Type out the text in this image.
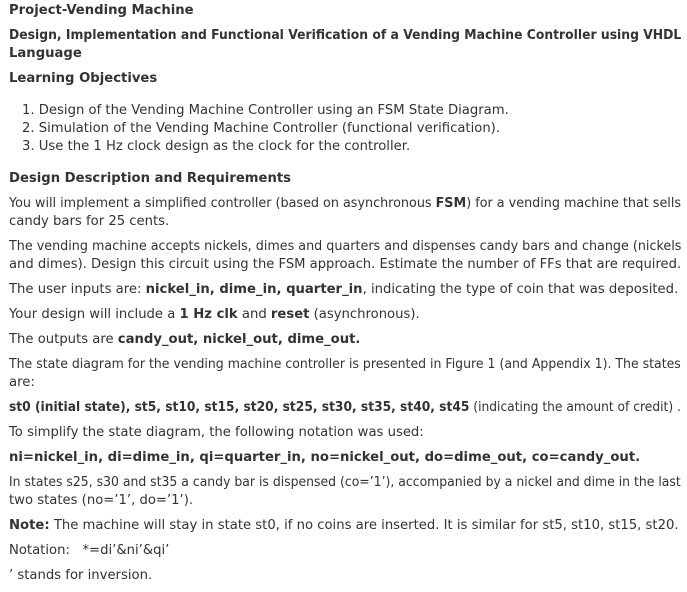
Project-Vending Machine
Design, Implementation and Functional Verification of a Vending Machine Controller using VHDL
Language
Learning Objectives
1. Design of the Vending Machine Controller using an FSM State Diagram.
2. Simulation of the Vending Machine Controller (functional verification).
3. Use the 1 Hz clock design as the clock for the controller.
Design Description and Requirements
You will implement a simplified controller (based on asynchronous FSM) for a vending machine that sells
candy bars for 25 cents.
The vending machine accepts nickels, dimes and quarters and dispenses candy bars and change (nickels
and dimes). Design this circuit using the FSM approach. Estimate the number of FFs that are required.
The user inputs are: nickel_in, dime_in, quarter_in, indicating the type of coin that was deposited.
Your design will include a 1 Hz clk and reset (asynchronous).
The outputs are candy_out, nickel_out, dime_out.
The state diagram for the vending machine controller is presented in Figure 1 (and Appendix 1). The states
are:
st0 (initial state), st5, st10, st15, st20, st25, st30, st35, st40, st45 (indicating the amount of credit) .
To simplify the state diagram, the following notation was used:
ni=nickel_in, di=dime_in, qi=quarter_in, no=nickel_out, do=dime_out, co=candy_out.
In states s25, s30 and st35 a candy bar is dispensed (co=’1’), accompanied by a nickel and dime in the last
two states (no=’1’, do=’1’).
Note: The machine will stay in state st0, if no coins are inserted. It is similar for st5, st10, st15, st20.
Notation:   *=di’&ni’&qi’
’ stands for inversion.
